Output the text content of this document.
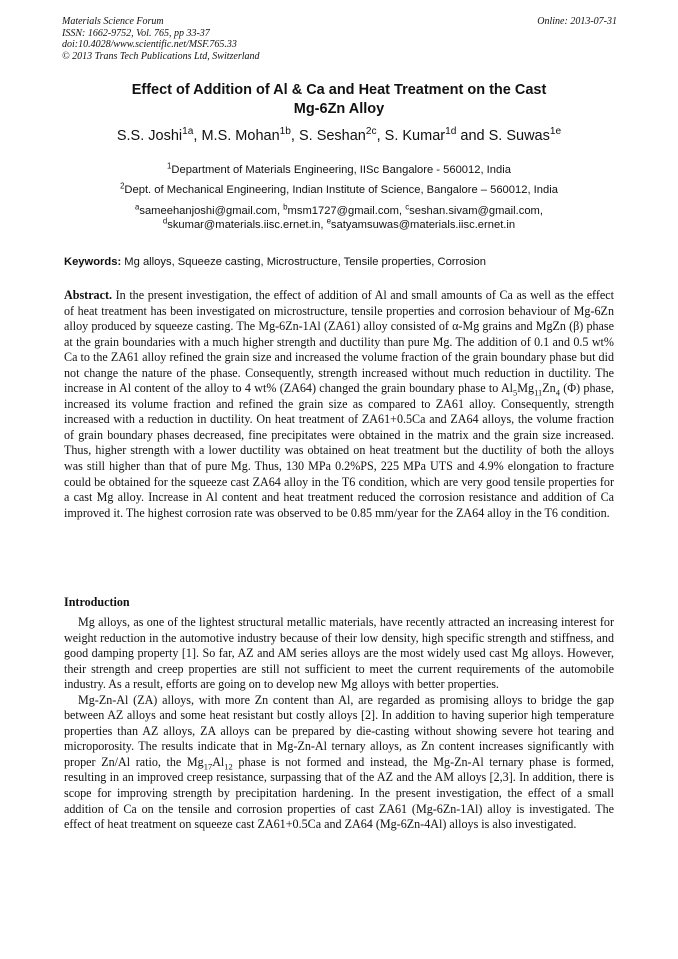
Materials Science Forum
ISSN: 1662-9752, Vol. 765, pp 33-37
doi:10.4028/www.scientific.net/MSF.765.33
© 2013 Trans Tech Publications Ltd, Switzerland
Online: 2013-07-31
Effect of Addition of Al & Ca and Heat Treatment on the Cast
Mg-6Zn Alloy
S.S. Joshi$^{1a}$, M.S. Mohan$^{1b}$, S. Seshan$^{2c}$, S. Kumar$^{1d}$ and S. Suwas$^{1e}$
$^1$Department of Materials Engineering, IISc Bangalore - 560012, India
$^2$Dept. of Mechanical Engineering, Indian Institute of Science, Bangalore – 560012, India
$^a$sameehanjoshi@gmail.com, $^b$msm1727@gmail.com, $^c$seshan.sivam@gmail.com,
$^d$skumar@materials.iisc.ernet.in, $^e$satyamsuwas@materials.iisc.ernet.in
Keywords: Mg alloys, Squeeze casting, Microstructure, Tensile properties, Corrosion
Abstract. In the present investigation, the effect of addition of Al and small amounts of Ca as well as the effect of heat treatment has been investigated on microstructure, tensile properties and corrosion behaviour of Mg-6Zn alloy produced by squeeze casting. The Mg-6Zn-1Al (ZA61) alloy consisted of α-Mg grains and MgZn (β) phase at the grain boundaries with a much higher strength and ductility than pure Mg. The addition of 0.1 and 0.5 wt% Ca to the ZA61 alloy refined the grain size and increased the volume fraction of the grain boundary phase but did not change the nature of the phase. Consequently, strength increased without much reduction in ductility. The increase in Al content of the alloy to 4 wt% (ZA64) changed the grain boundary phase to $Al_5Mg_{11}Zn_4$ (Φ) phase, increased its volume fraction and refined the grain size as compared to ZA61 alloy. Consequently, strength increased with a reduction in ductility. On heat treatment of ZA61+0.5Ca and ZA64 alloys, the volume fraction of grain boundary phases decreased, fine precipitates were obtained in the matrix and the grain size increased. Thus, higher strength with a lower ductility was obtained on heat treatment but the ductility of both the alloys was still higher than that of pure Mg. Thus, 130 MPa 0.2%PS, 225 MPa UTS and 4.9% elongation to fracture could be obtained for the squeeze cast ZA64 alloy in the T6 condition, which are very good tensile properties for a cast Mg alloy. Increase in Al content and heat treatment reduced the corrosion resistance and addition of Ca improved it. The highest corrosion rate was observed to be 0.85 mm/year for the ZA64 alloy in the T6 condition.
Introduction

Mg alloys, as one of the lightest structural metallic materials, have recently attracted an increasing interest for weight reduction in the automotive industry because of their low density, high specific strength and stiffness, and good damping property [1]. So far, AZ and AM series alloys are the most widely used cast Mg alloys. However, their strength and creep properties are still not sufficient to meet the current requirements of the automobile industry. As a result, efforts are going on to develop new Mg alloys with better properties.

Mg-Zn-Al (ZA) alloys, with more Zn content than Al, are regarded as promising alloys to bridge the gap between AZ alloys and some heat resistant but costly alloys [2]. In addition to having superior high temperature properties than AZ alloys, ZA alloys can be prepared by die-casting without showing severe hot tearing and microporosity. The results indicate that in Mg-Zn-Al ternary alloys, as Zn content increases significantly with proper Zn/Al ratio, the $Mg_{17}Al_{12}$ phase is not formed and instead, the Mg-Zn-Al ternary phase is formed, resulting in an improved creep resistance, surpassing that of the AZ and the AM alloys [2,3]. In addition, there is scope for improving strength by precipitation hardening. In the present investigation, the effect of a small addition of Ca on the tensile and corrosion properties of cast ZA61 (Mg-6Zn-1Al) alloy is investigated. The effect of heat treatment on squeeze cast ZA61+0.5Ca and ZA64 (Mg-6Zn-4Al) alloys is also investigated.
